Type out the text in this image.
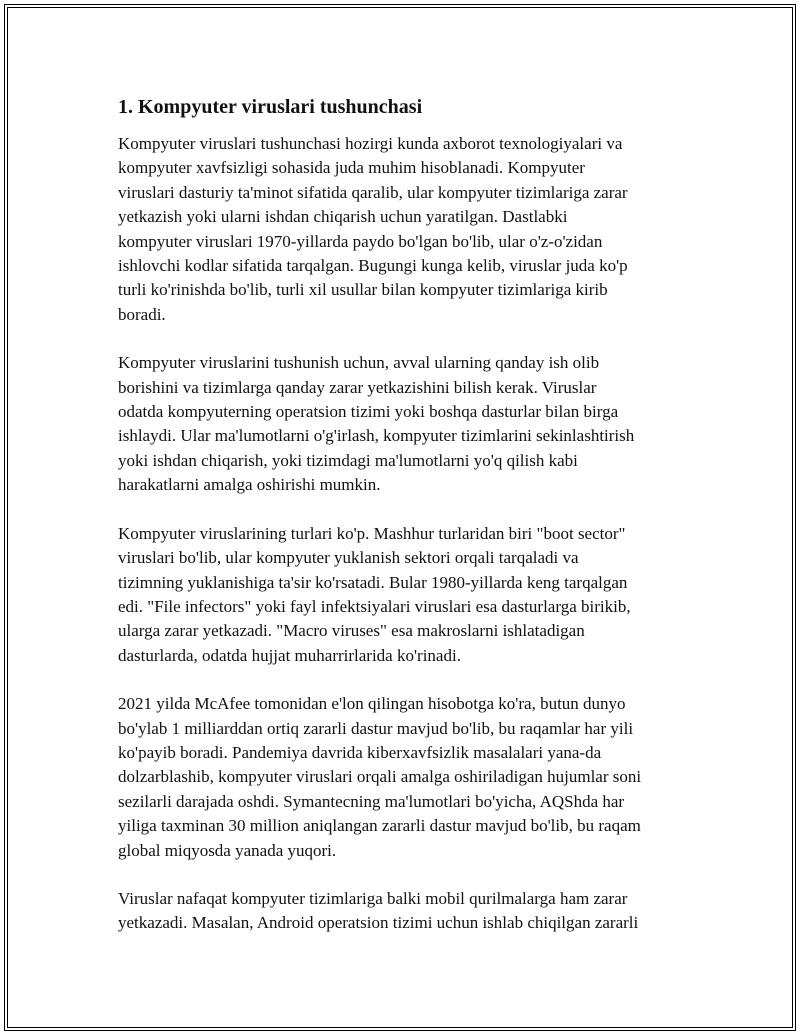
1. Kompyuter viruslari tushunchasi

Kompyuter viruslari tushunchasi hozirgi kunda axborot texnologiyalari va
kompyuter xavfsizligi sohasida juda muhim hisoblanadi. Kompyuter
viruslari dasturiy ta'minot sifatida qaralib, ular kompyuter tizimlariga zarar
yetkazish yoki ularni ishdan chiqarish uchun yaratilgan. Dastlabki
kompyuter viruslari 1970-yillarda paydo bo'lgan bo'lib, ular o'z-o'zidan
ishlovchi kodlar sifatida tarqalgan. Bugungi kunga kelib, viruslar juda ko'p
turli ko'rinishda bo'lib, turli xil usullar bilan kompyuter tizimlariga kirib
boradi.

Kompyuter viruslarini tushunish uchun, avval ularning qanday ish olib
borishini va tizimlarga qanday zarar yetkazishini bilish kerak. Viruslar
odatda kompyuterning operatsion tizimi yoki boshqa dasturlar bilan birga
ishlaydi. Ular ma'lumotlarni o'g'irlash, kompyuter tizimlarini sekinlashtirish
yoki ishdan chiqarish, yoki tizimdagi ma'lumotlarni yo'q qilish kabi
harakatlarni amalga oshirishi mumkin.

Kompyuter viruslarining turlari ko'p. Mashhur turlaridan biri "boot sector"
viruslari bo'lib, ular kompyuter yuklanish sektori orqali tarqaladi va
tizimning yuklanishiga ta'sir ko'rsatadi. Bular 1980-yillarda keng tarqalgan
edi. "File infectors" yoki fayl infektsiyalari viruslari esa dasturlarga birikib,
ularga zarar yetkazadi. "Macro viruses" esa makroslarni ishlatadigan
dasturlarda, odatda hujjat muharrirlarida ko'rinadi.

2021 yilda McAfee tomonidan e'lon qilingan hisobotga ko'ra, butun dunyo
bo'ylab 1 milliarddan ortiq zararli dastur mavjud bo'lib, bu raqamlar har yili
ko'payib boradi. Pandemiya davrida kiberxavfsizlik masalalari yana-da
dolzarblashib, kompyuter viruslari orqali amalga oshiriladigan hujumlar soni
sezilarli darajada oshdi. Symantecning ma'lumotlari bo'yicha, AQShda har
yiliga taxminan 30 million aniqlangan zararli dastur mavjud bo'lib, bu raqam
global miqyosda yanada yuqori.

Viruslar nafaqat kompyuter tizimlariga balki mobil qurilmalarga ham zarar
yetkazadi. Masalan, Android operatsion tizimi uchun ishlab chiqilgan zararli
